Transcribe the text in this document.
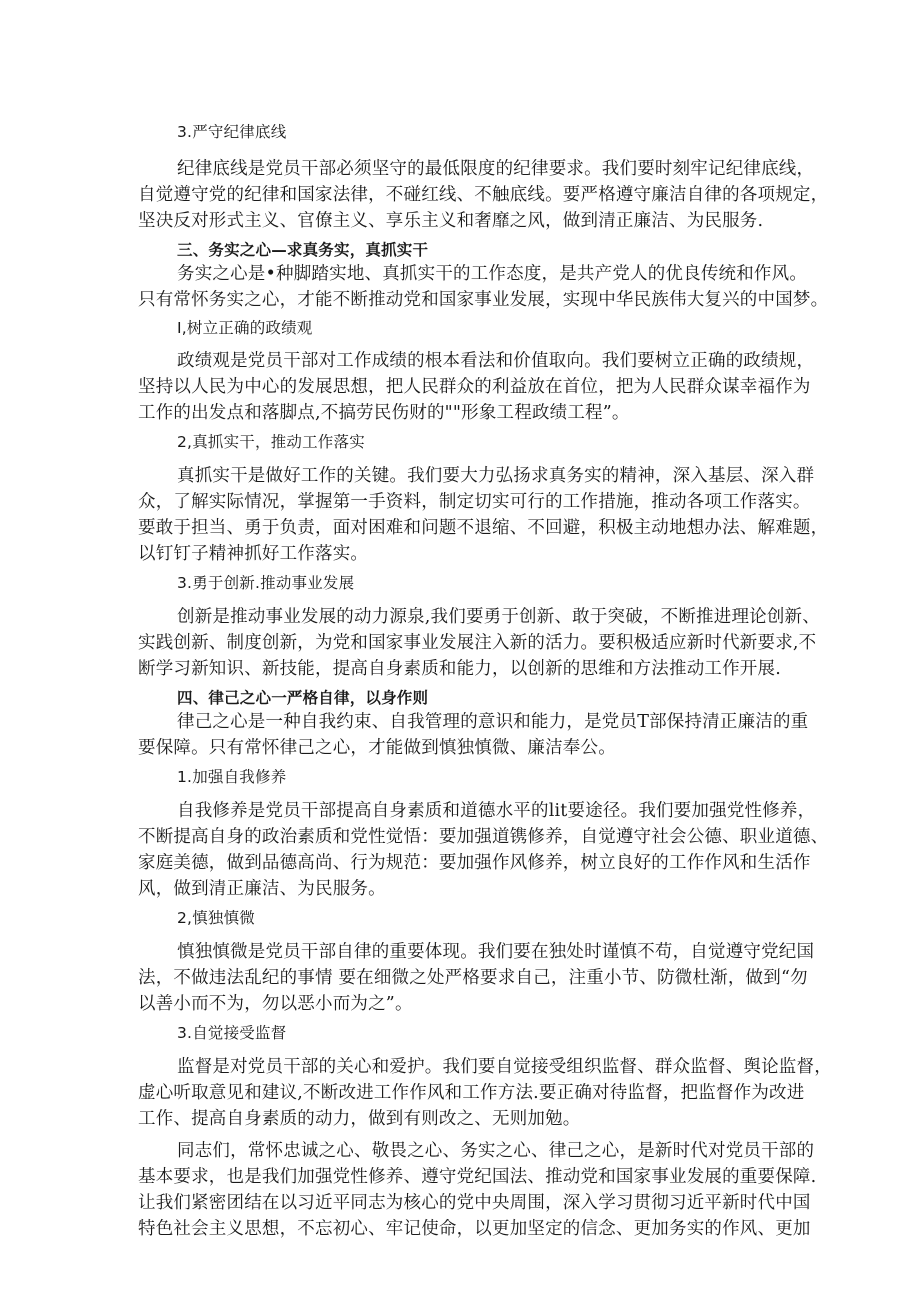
3.严守纪律底线
纪律底线是党员干部必须坚守的最低限度的纪律要求。我们要时刻牢记纪律底线，
自觉遵守党的纪律和国家法律，不碰红线、不触底线。要严格遵守廉洁自律的各项规定，
坚决反对形式主义、官僚主义、享乐主义和奢靡之风，做到清正廉洁、为民服务.
三、务实之心—求真务实，真抓实干
务实之心是•种脚踏实地、真抓实干的工作态度，是共产党人的优良传统和作风。
只有常怀务实之心，才能不断推动党和国家事业发展，实现中华民族伟大复兴的中国梦。
I,树立正确的政绩观
政绩观是党员干部对工作成绩的根本看法和价值取向。我们要树立正确的政绩规，
坚持以人民为中心的发展思想，把人民群众的利益放在首位，把为人民群众谋幸福作为
工作的出发点和落脚点,不搞劳民伤财的""形象工程政绩工程”。
2,真抓实干，推动工作落实
真抓实干是做好工作的关键。我们要大力弘扬求真务实的精神，深入基层、深入群
众，了解实际情况，掌握第一手资料，制定切实可行的工作措施，推动各项工作落实。
要敢于担当、勇于负责，面对困难和问题不退缩、不回避，积极主动地想办法、解难题，
以钉钉子精神抓好工作落实。
3.勇于创新.推动事业发展
创新是推动事业发展的动力源泉,我们要勇于创新、敢于突破，不断推进理论创新、
实践创新、制度创新，为党和国家事业发展注入新的活力。要积极适应新时代新要求,不
断学习新知识、新技能，提高自身素质和能力，以创新的思维和方法推动工作开展.
四、律己之心一严格自律，以身作则
律己之心是一种自我约束、自我管理的意识和能力，是党员T部保持清正廉洁的重
要保障。只有常怀律己之心，才能做到慎独慎微、廉洁奉公。
1.加强自我修养
自我修养是党员干部提高自身素质和道德水平的lit要途径。我们要加强党性修养，
不断提高自身的政治素质和党性觉悟：要加强道镌修养，自觉遵守社会公德、职业道德、
家庭美德，做到品德高尚、行为规范：要加强作风修养，树立良好的工作作风和生活作
风，做到清正廉洁、为民服务。
2,慎独慎微
慎独慎微是党员干部自律的重要体现。我们要在独处时谨慎不苟，自觉遵守党纪国
法，不做违法乱纪的事情 要在细微之处严格要求自己，注重小节、防微杜渐，做到“勿
以善小而不为，勿以恶小而为之”。
3.自觉接受监督
监督是对党员干部的关心和爱护。我们要自觉接受组织监督、群众监督、舆论监督，
虚心听取意见和建议,不断改进工作作风和工作方法.要正确对待监督，把监督作为改进
工作、提高自身素质的动力，做到有则改之、无则加勉。
同志们，常怀忠诚之心、敬畏之心、务实之心、律己之心，是新时代对党员干部的
基本要求，也是我们加强党性修养、遵守党纪国法、推动党和国家事业发展的重要保障.
让我们紧密团结在以习近平同志为核心的党中央周围，深入学习贯彻习近平新时代中国
特色社会主义思想，不忘初心、牢记使命，以更加坚定的信念、更加务实的作风、更加
